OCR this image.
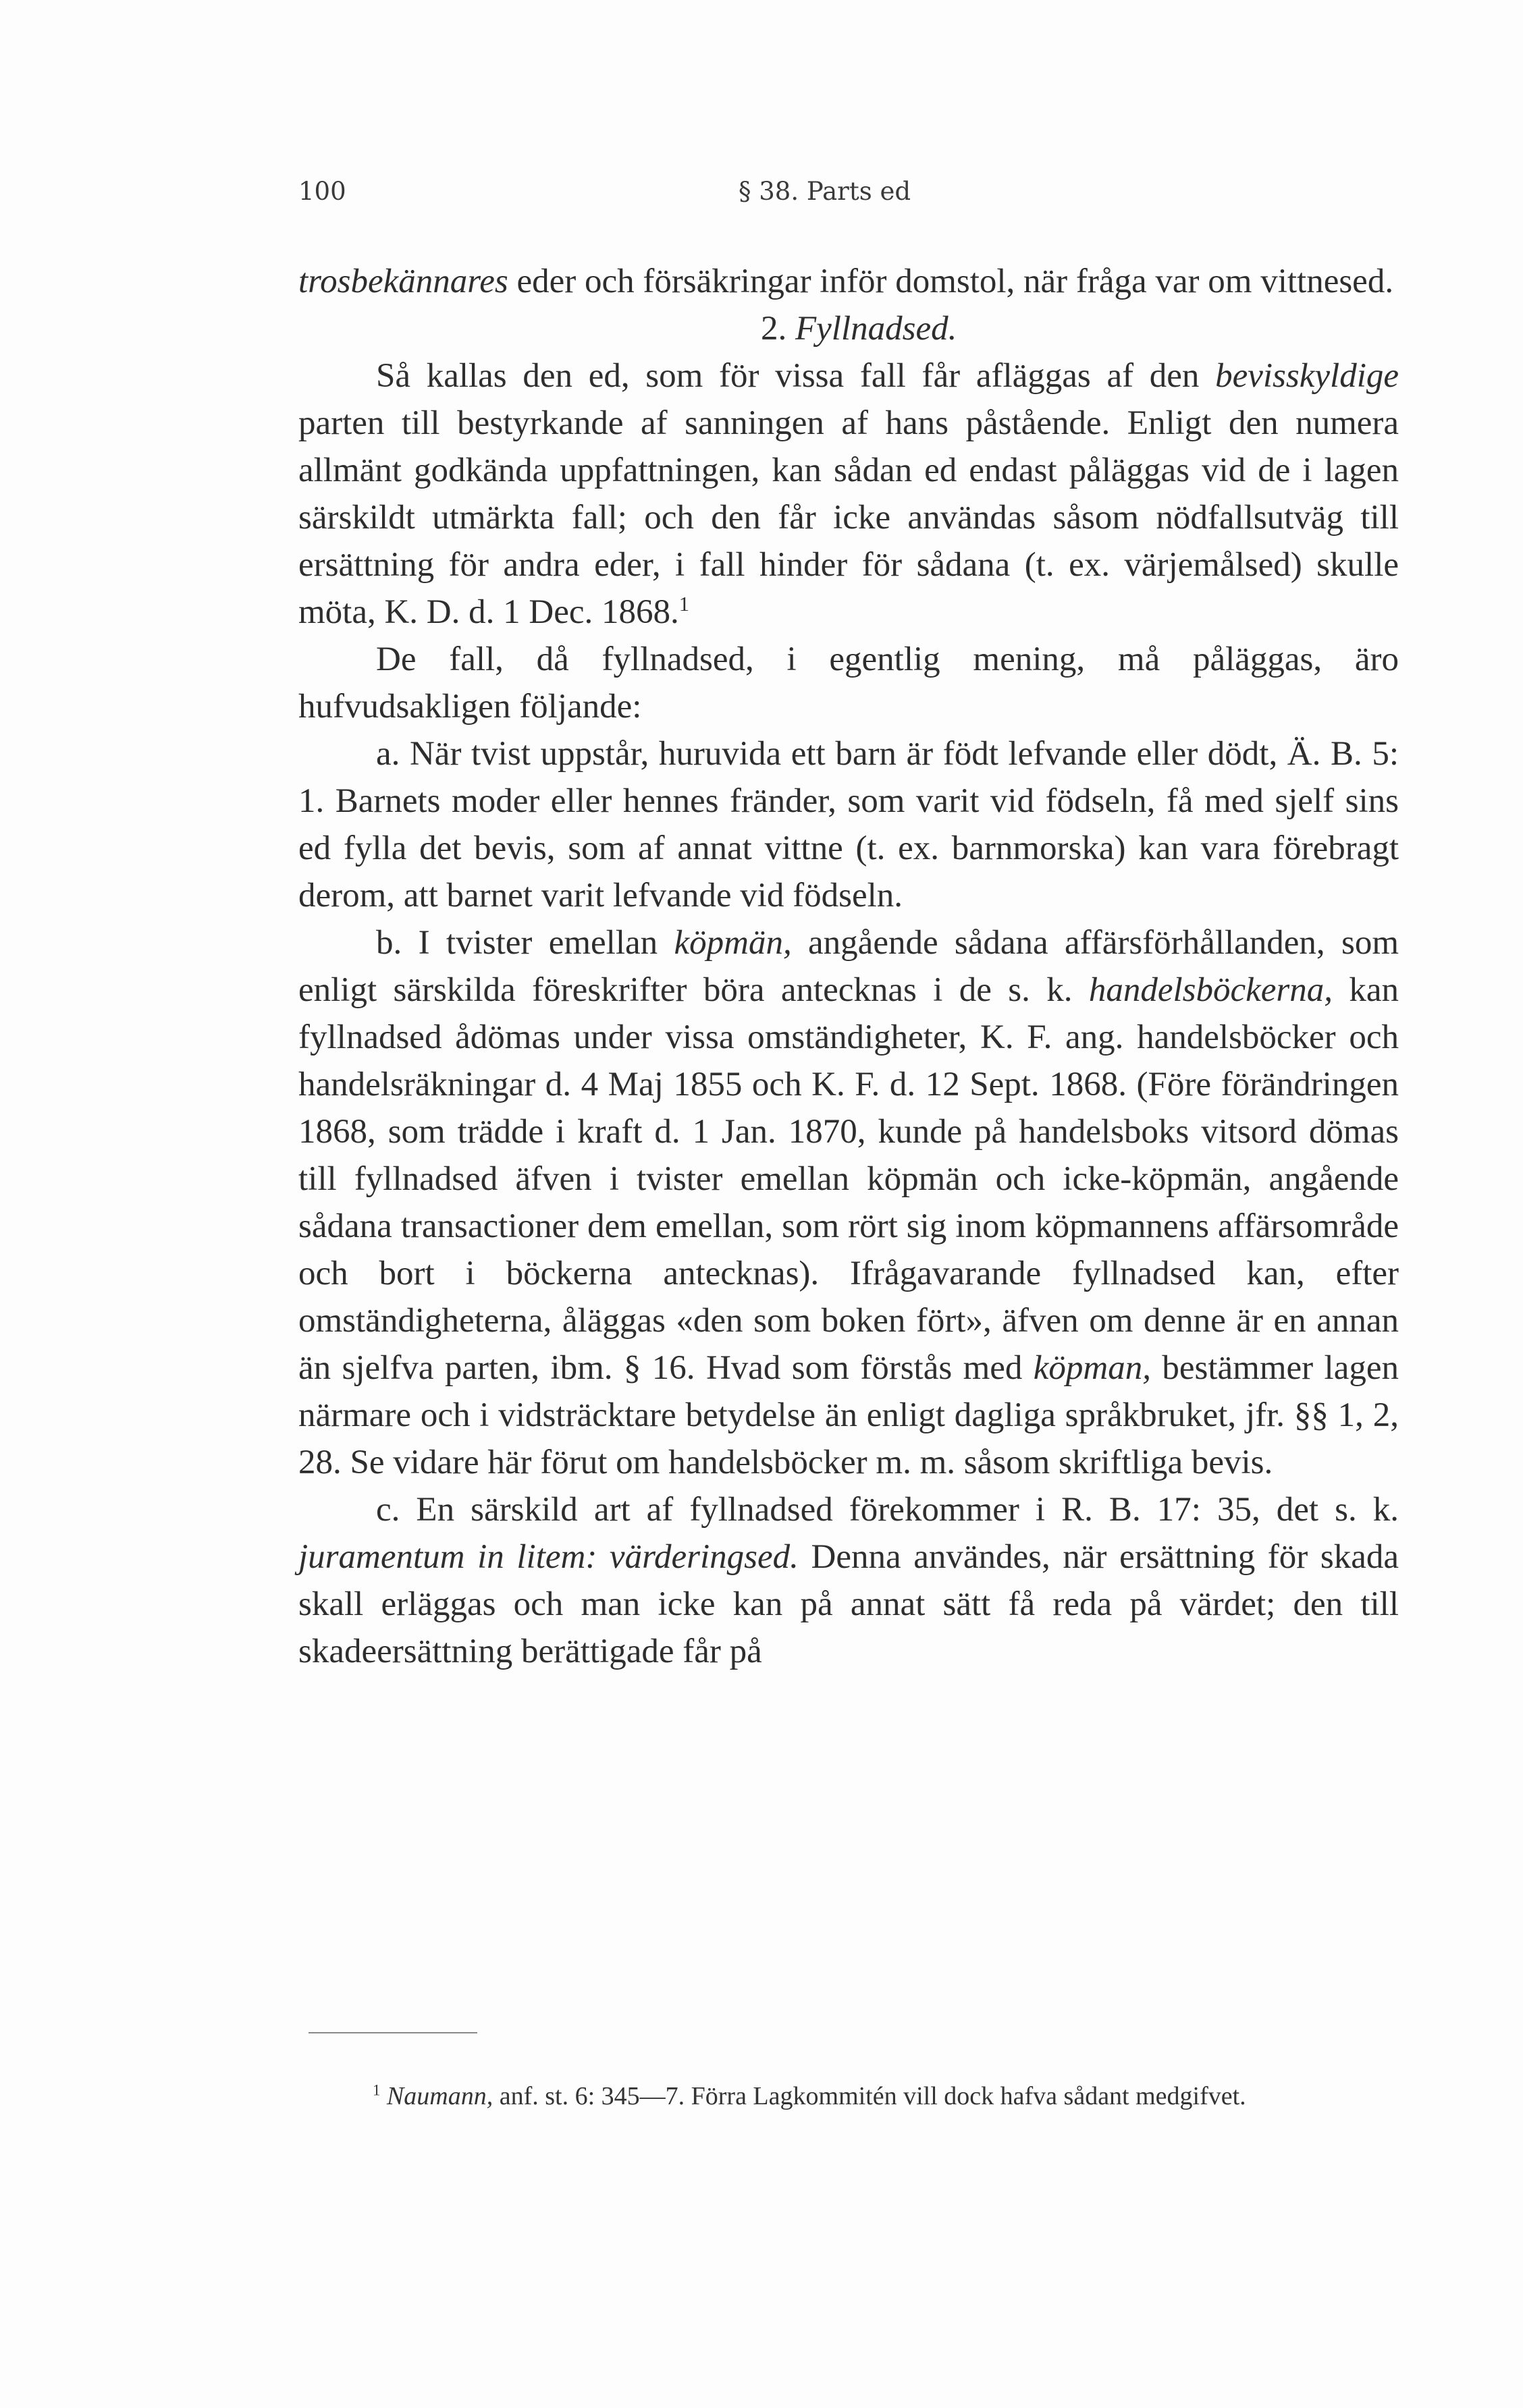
100	§ 38. Parts ed

trosbekännares eder och försäkringar inför domstol, när fråga var om vittnesed.

2. Fyllnadsed.

Så kallas den ed, som för vissa fall får afläggas af den bevisskyldige parten till bestyrkande af sanningen af hans påstående. Enligt den numera allmänt godkända uppfattningen, kan sådan ed endast påläggas vid de i lagen särskildt utmärkta fall; och den får icke användas såsom nödfallsutväg till ersättning för andra eder, i fall hinder för sådana (t. ex. värjemålsed) skulle möta, K. D. d. 1 Dec. 1868.$^1$

De fall, då fyllnadsed, i egentlig mening, må påläggas, äro hufvudsakligen följande:

a. När tvist uppstår, huruvida ett barn är födt lefvande eller dödt, Ä. B. 5: 1. Barnets moder eller hennes fränder, som varit vid födseln, få med sjelf sins ed fylla det bevis, som af annat vittne (t. ex. barnmorska) kan vara förebragt derom, att barnet varit lefvande vid födseln.

b. I tvister emellan köpmän, angående sådana affärsförhållanden, som enligt särskilda föreskrifter böra antecknas i de s. k. handelsböckerna, kan fyllnadsed ådömas under vissa omständigheter, K. F. ang. handelsböcker och handelsräkningar d. 4 Maj 1855 och K. F. d. 12 Sept. 1868. (Före förändringen 1868, som trädde i kraft d. 1 Jan. 1870, kunde på handelsboks vitsord dömas till fyllnadsed äfven i tvister emellan köpmän och icke-köpmän, angående sådana transactioner dem emellan, som rört sig inom köpmannens affärsområde och bort i böckerna antecknas). Ifrågavarande fyllnadsed kan, efter omständigheterna, åläggas «den som boken fört», äfven om denne är en annan än sjelfva parten, ibm. § 16. Hvad som förstås med köpman, bestämmer lagen närmare och i vidsträcktare betydelse än enligt dagliga språkbruket, jfr. §§ 1, 2, 28. Se vidare här förut om handelsböcker m. m. såsom skriftliga bevis.

c. En särskild art af fyllnadsed förekommer i R. B. 17: 35, det s. k. juramentum in litem: värderingsed. Denna användes, när ersättning för skada skall erläggas och man icke kan på annat sätt få reda på värdet; den till skadeersättning berättigade får på

$^1$ Naumann, anf. st. 6: 345—7. Förra Lagkommitén vill dock hafva sådant medgifvet.
